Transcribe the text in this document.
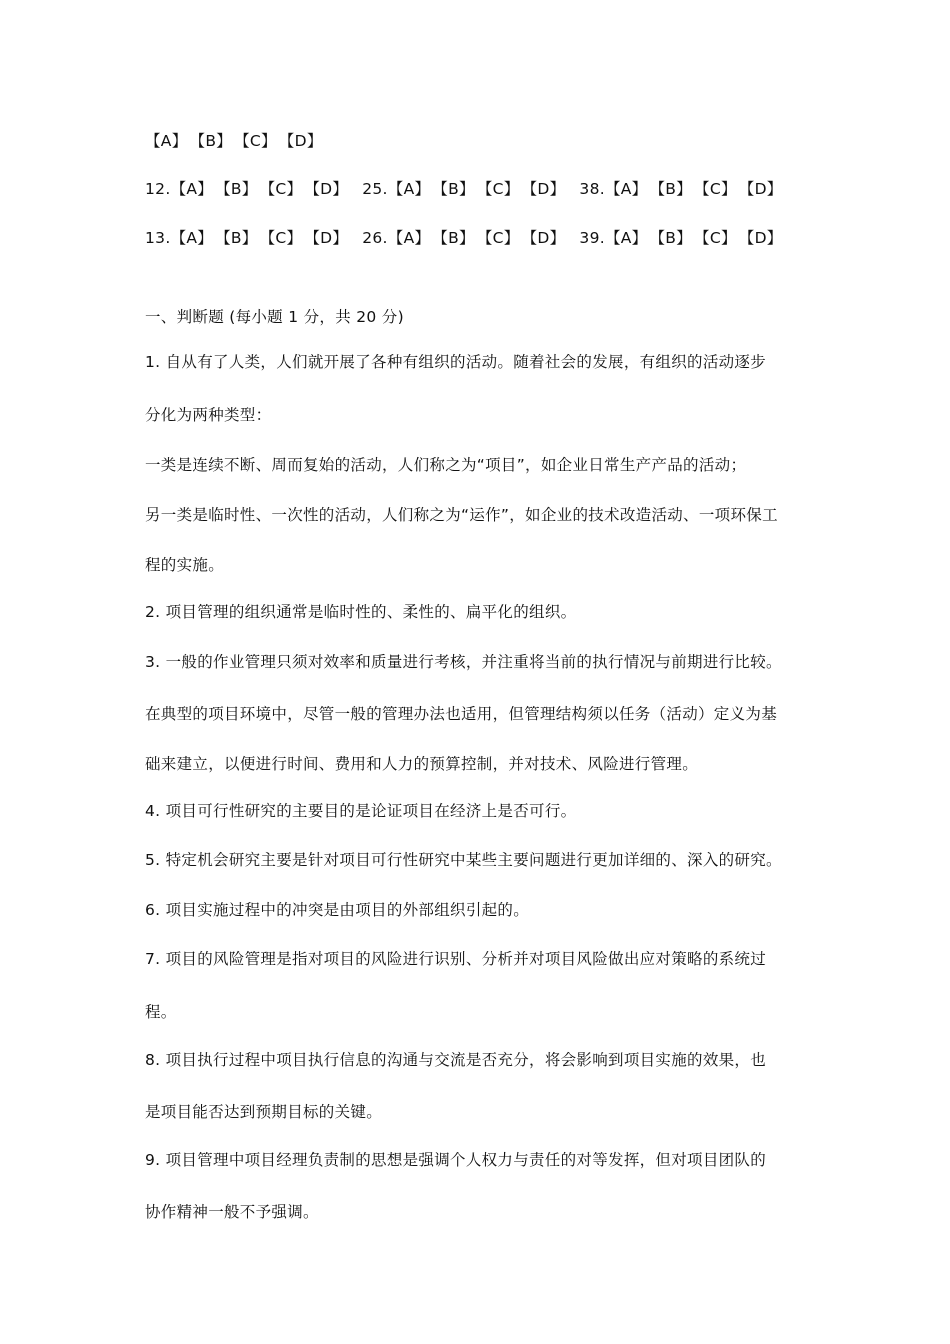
【A】 【B】 【C】 【D】
12.【A】 【B】 【C】 【D】 25.【A】 【B】 【C】 【D】 38.【A】 【B】 【C】 【D】
13.【A】 【B】 【C】 【D】 26.【A】 【B】 【C】 【D】 39.【A】 【B】 【C】 【D】
一、判断题 (每小题 1 分，共 20 分)
1. 自从有了人类，人们就开展了各种有组织的活动。随着社会的发展，有组织的活动逐步
分化为两种类型：
一类是连续不断、周而复始的活动，人们称之为“项目”，如企业日常生产产品的活动；
另一类是临时性、一次性的活动，人们称之为“运作”，如企业的技术改造活动、一项环保工
程的实施。
2. 项目管理的组织通常是临时性的、柔性的、扁平化的组织。
3. 一般的作业管理只须对效率和质量进行考核，并注重将当前的执行情况与前期进行比较。
在典型的项目环境中，尽管一般的管理办法也适用，但管理结构须以任务（活动）定义为基
础来建立，以便进行时间、费用和人力的预算控制，并对技术、风险进行管理。
4. 项目可行性研究的主要目的是论证项目在经济上是否可行。
5. 特定机会研究主要是针对项目可行性研究中某些主要问题进行更加详细的、深入的研究。
6. 项目实施过程中的冲突是由项目的外部组织引起的。
7. 项目的风险管理是指对项目的风险进行识别、分析并对项目风险做出应对策略的系统过
程。
8. 项目执行过程中项目执行信息的沟通与交流是否充分，将会影响到项目实施的效果，也
是项目能否达到预期目标的关键。
9. 项目管理中项目经理负责制的思想是强调个人权力与责任的对等发挥，但对项目团队的
协作精神一般不予强调。
